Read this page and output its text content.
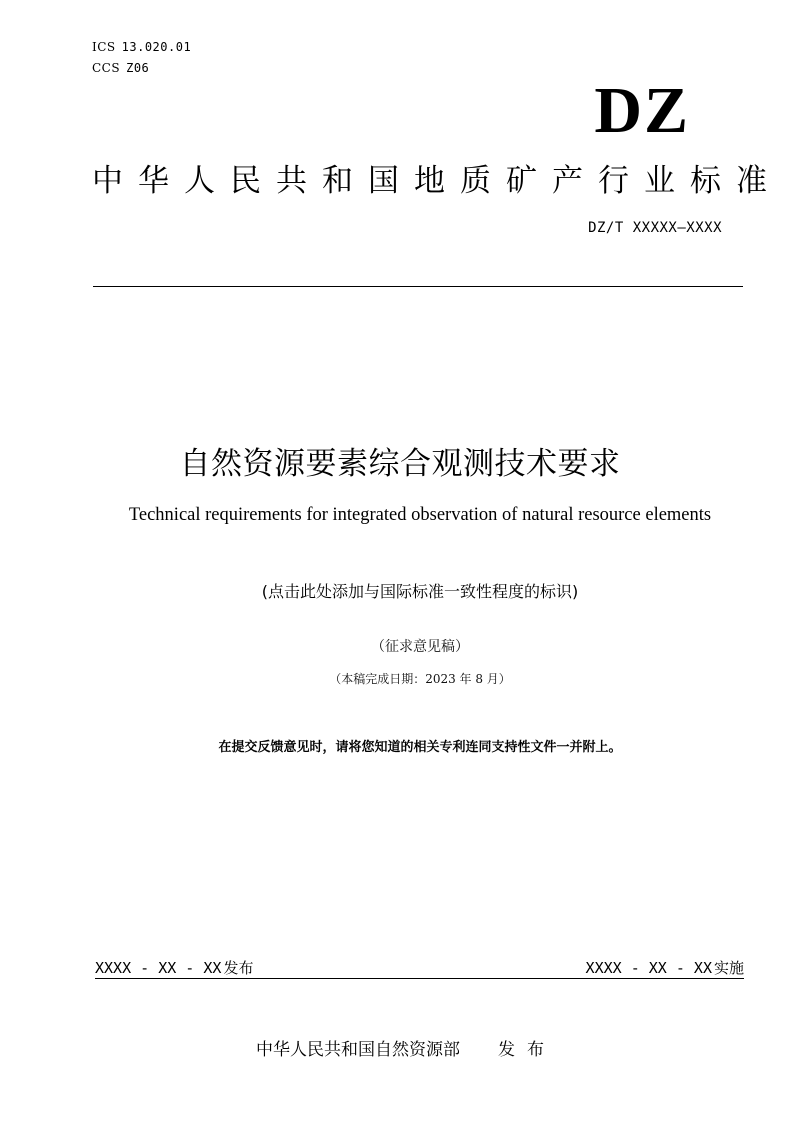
ICS 13.020.01
CCS Z06
DZ
中华人民共和国地质矿产行业标准
DZ/T XXXXX—XXXX
自然资源要素综合观测技术要求
Technical requirements for integrated observation of natural resource elements
(点击此处添加与国际标准一致性程度的标识)
（征求意见稿）
（本稿完成日期：2023 年 8 月）
在提交反馈意见时，请将您知道的相关专利连同支持性文件一并附上。
XXXX - XX - XX 发布	XXXX - XX - XX 实施
中华人民共和国自然资源部 发布
